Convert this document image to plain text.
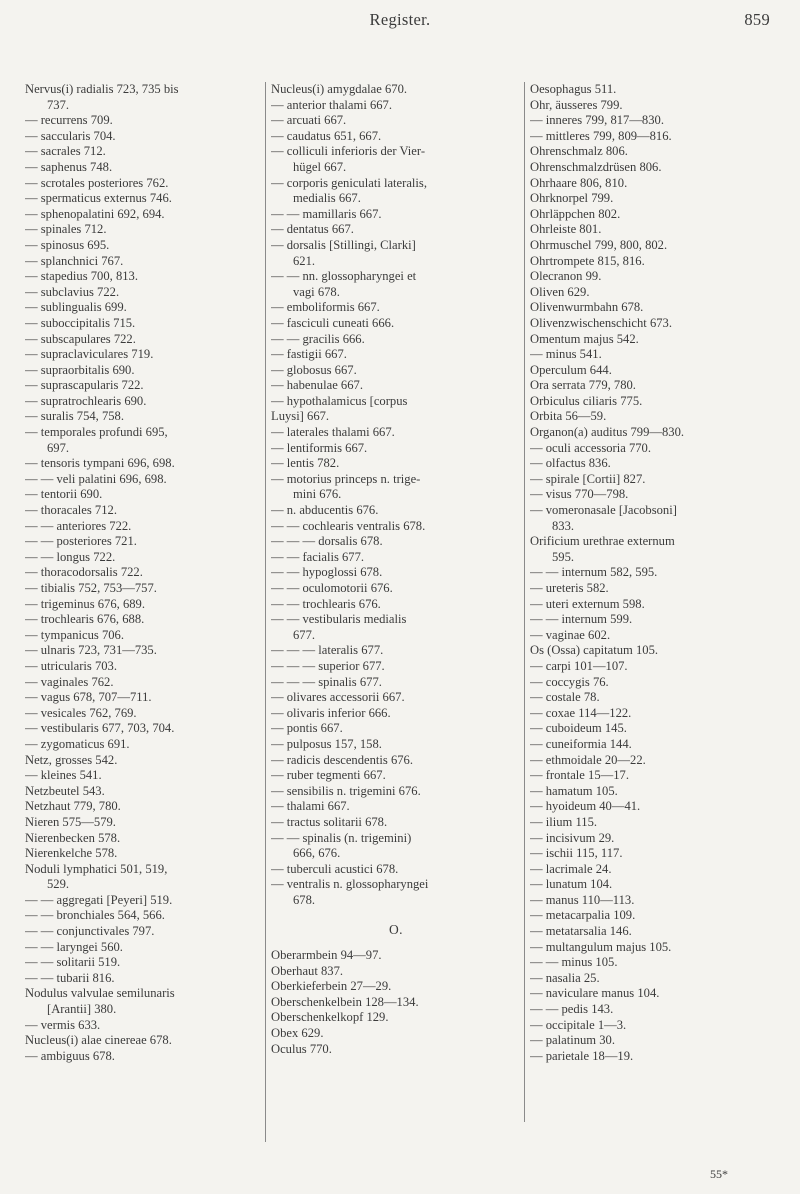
Register.	859
Nervus(i) radialis 723, 735 bis
737.
— recurrens 709.
— saccularis 704.
— sacrales 712.
— saphenus 748.
— scrotales posteriores 762.
— spermaticus externus 746.
— sphenopalatini 692, 694.
— spinales 712.
— spinosus 695.
— splanchnici 767.
— stapedius 700, 813.
— subclavius 722.
— sublingualis 699.
— suboccipitalis 715.
— subscapulares 722.
— supraclaviculares 719.
— supraorbitalis 690.
— suprascapularis 722.
— supratrochlearis 690.
— suralis 754, 758.
— temporales profundi 695,
697.
— tensoris tympani 696, 698.
— — veli palatini 696, 698.
— tentorii 690.
— thoracales 712.
— — anteriores 722.
— — posteriores 721.
— — longus 722.
— thoracodorsalis 722.
— tibialis 752, 753—757.
— trigeminus 676, 689.
— trochlearis 676, 688.
— tympanicus 706.
— ulnaris 723, 731—735.
— utricularis 703.
— vaginales 762.
— vagus 678, 707—711.
— vesicales 762, 769.
— vestibularis 677, 703, 704.
— zygomaticus 691.
Netz, grosses 542.
— kleines 541.
Netzbeutel 543.
Netzhaut 779, 780.
Nieren 575—579.
Nierenbecken 578.
Nierenkelche 578.
Noduli lymphatici 501, 519,
529.
— — aggregati [Peyeri] 519.
— — bronchiales 564, 566.
— — conjunctivales 797.
— — laryngei 560.
— — solitarii 519.
— — tubarii 816.
Nodulus valvulae semilunaris
[Arantii] 380.
— vermis 633.
Nucleus(i) alae cinereae 678.
— ambiguus 678.
Nucleus(i) amygdalae 670.
— anterior thalami 667.
— arcuati 667.
— caudatus 651, 667.
— colliculi inferioris der Vier-
hügel 667.
— corporis geniculati lateralis,
medialis 667.
— — mamillaris 667.
— dentatus 667.
— dorsalis [Stillingi, Clarki]
621.
— — nn. glossopharyngei et
vagi 678.
— emboliformis 667.
— fasciculi cuneati 666.
— — gracilis 666.
— fastigii 667.
— globosus 667.
— habenulae 667.
— hypothalamicus [corpus
Luysi] 667.
— laterales thalami 667.
— lentiformis 667.
— lentis 782.
— motorius princeps n. trige-
mini 676.
— n. abducentis 676.
— — cochlearis ventralis 678.
— — — dorsalis 678.
— — facialis 677.
— — hypoglossi 678.
— — oculomotorii 676.
— — trochlearis 676.
— — vestibularis medialis
677.
— — — lateralis 677.
— — — superior 677.
— — — spinalis 677.
— olivares accessorii 667.
— olivaris inferior 666.
— pontis 667.
— pulposus 157, 158.
— radicis descendentis 676.
— ruber tegmenti 667.
— sensibilis n. trigemini 676.
— thalami 667.
— tractus solitarii 678.
— — spinalis (n. trigemini)
666, 676.
— tuberculi acustici 678.
— ventralis n. glossopharyngei
678.
O.
Oberarmbein 94—97.
Oberhaut 837.
Oberkieferbein 27—29.
Oberschenkelbein 128—134.
Oberschenkelkopf 129.
Obex 629.
Oculus 770.
Oesophagus 511.
Ohr, äusseres 799.
— inneres 799, 817—830.
— mittleres 799, 809—816.
Ohrenschmalz 806.
Ohrenschmalzdrüsen 806.
Ohrhaare 806, 810.
Ohrknorpel 799.
Ohrläppchen 802.
Ohrleiste 801.
Ohrmuschel 799, 800, 802.
Ohrtrompete 815, 816.
Olecranon 99.
Oliven 629.
Olivenwurmbahn 678.
Olivenzwischenschicht 673.
Omentum majus 542.
— minus 541.
Operculum 644.
Ora serrata 779, 780.
Orbiculus ciliaris 775.
Orbita 56—59.
Organon(a) auditus 799—830.
— oculi accessoria 770.
— olfactus 836.
— spirale [Cortii] 827.
— visus 770—798.
— vomeronasale [Jacobsoni]
833.
Orificium urethrae externum
595.
— — internum 582, 595.
— ureteris 582.
— uteri externum 598.
— — internum 599.
— vaginae 602.
Os (Ossa) capitatum 105.
— carpi 101—107.
— coccygis 76.
— costale 78.
— coxae 114—122.
— cuboideum 145.
— cuneiformia 144.
— ethmoidale 20—22.
— frontale 15—17.
— hamatum 105.
— hyoideum 40—41.
— ilium 115.
— incisivum 29.
— ischii 115, 117.
— lacrimale 24.
— lunatum 104.
— manus 110—113.
— metacarpalia 109.
— metatarsalia 146.
— multangulum majus 105.
— — minus 105.
— nasalia 25.
— naviculare manus 104.
— — pedis 143.
— occipitale 1—3.
— palatinum 30.
— parietale 18—19.
55*
